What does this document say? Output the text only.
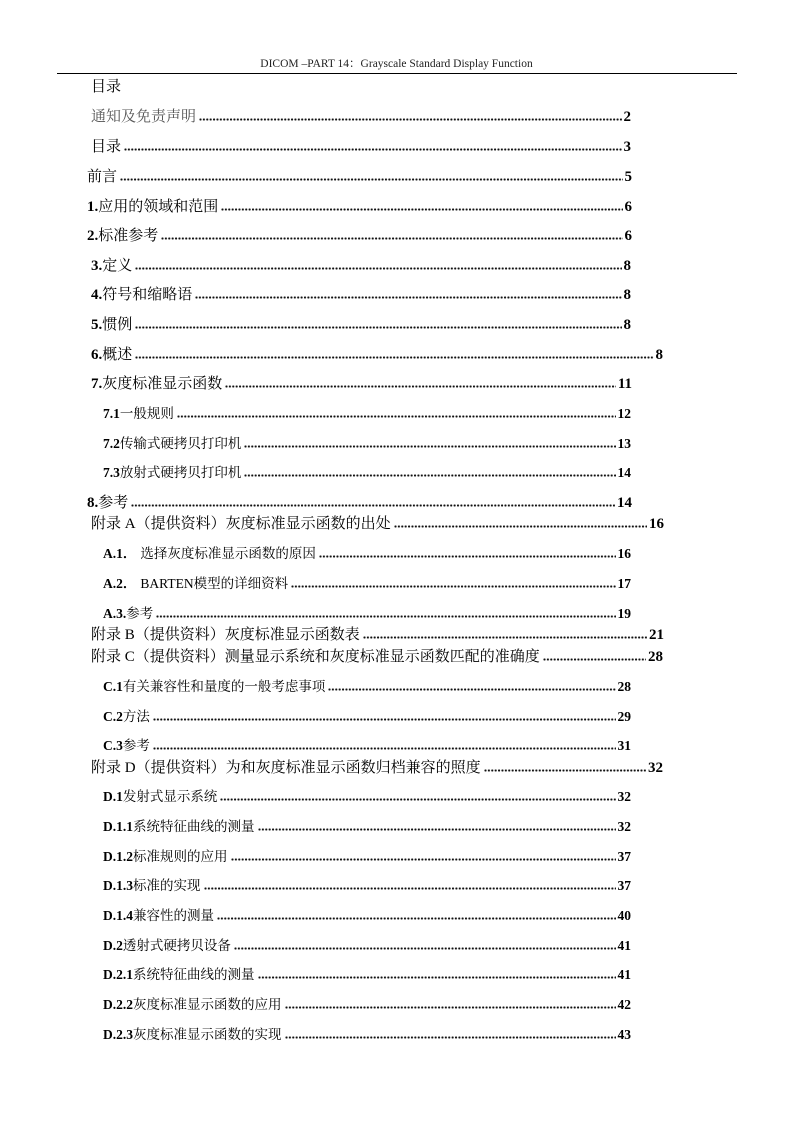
DICOM –PART 14：Grayscale Standard Display Function
目录
通知及免责声明	2
目录	3
前言	5
1. 应用的领域和范围	6
2. 标准参考	6
3. 定义	8
4. 符号和缩略语	8
5. 惯例	8
6. 概述	8
7. 灰度标准显示函数	11
7.1 一般规则	12
7.2 传输式硬拷贝打印机	13
7.3 放射式硬拷贝打印机	14
8. 参考	14
附录 A（提供资料）灰度标准显示函数的出处	16
A.1． 选择灰度标准显示函数的原因	16
A.2． BARTEN模型的详细资料	17
A.3. 参考	19
附录 B（提供资料）灰度标准显示函数表	21
附录 C（提供资料）测量显示系统和灰度标准显示函数匹配的准确度	28
C.1 有关兼容性和量度的一般考虑事项	28
C.2 方法	29
C.3 参考	31
附录 D（提供资料）为和灰度标准显示函数归档兼容的照度	32
D.1 发射式显示系统	32
D.1.1 系统特征曲线的测量	32
D.1.2 标准规则的应用	37
D.1.3 标准的实现	37
D.1.4 兼容性的测量	40
D.2 透射式硬拷贝设备	41
D.2.1 系统特征曲线的测量	41
D.2.2 灰度标准显示函数的应用	42
D.2.3 灰度标准显示函数的实现	43
